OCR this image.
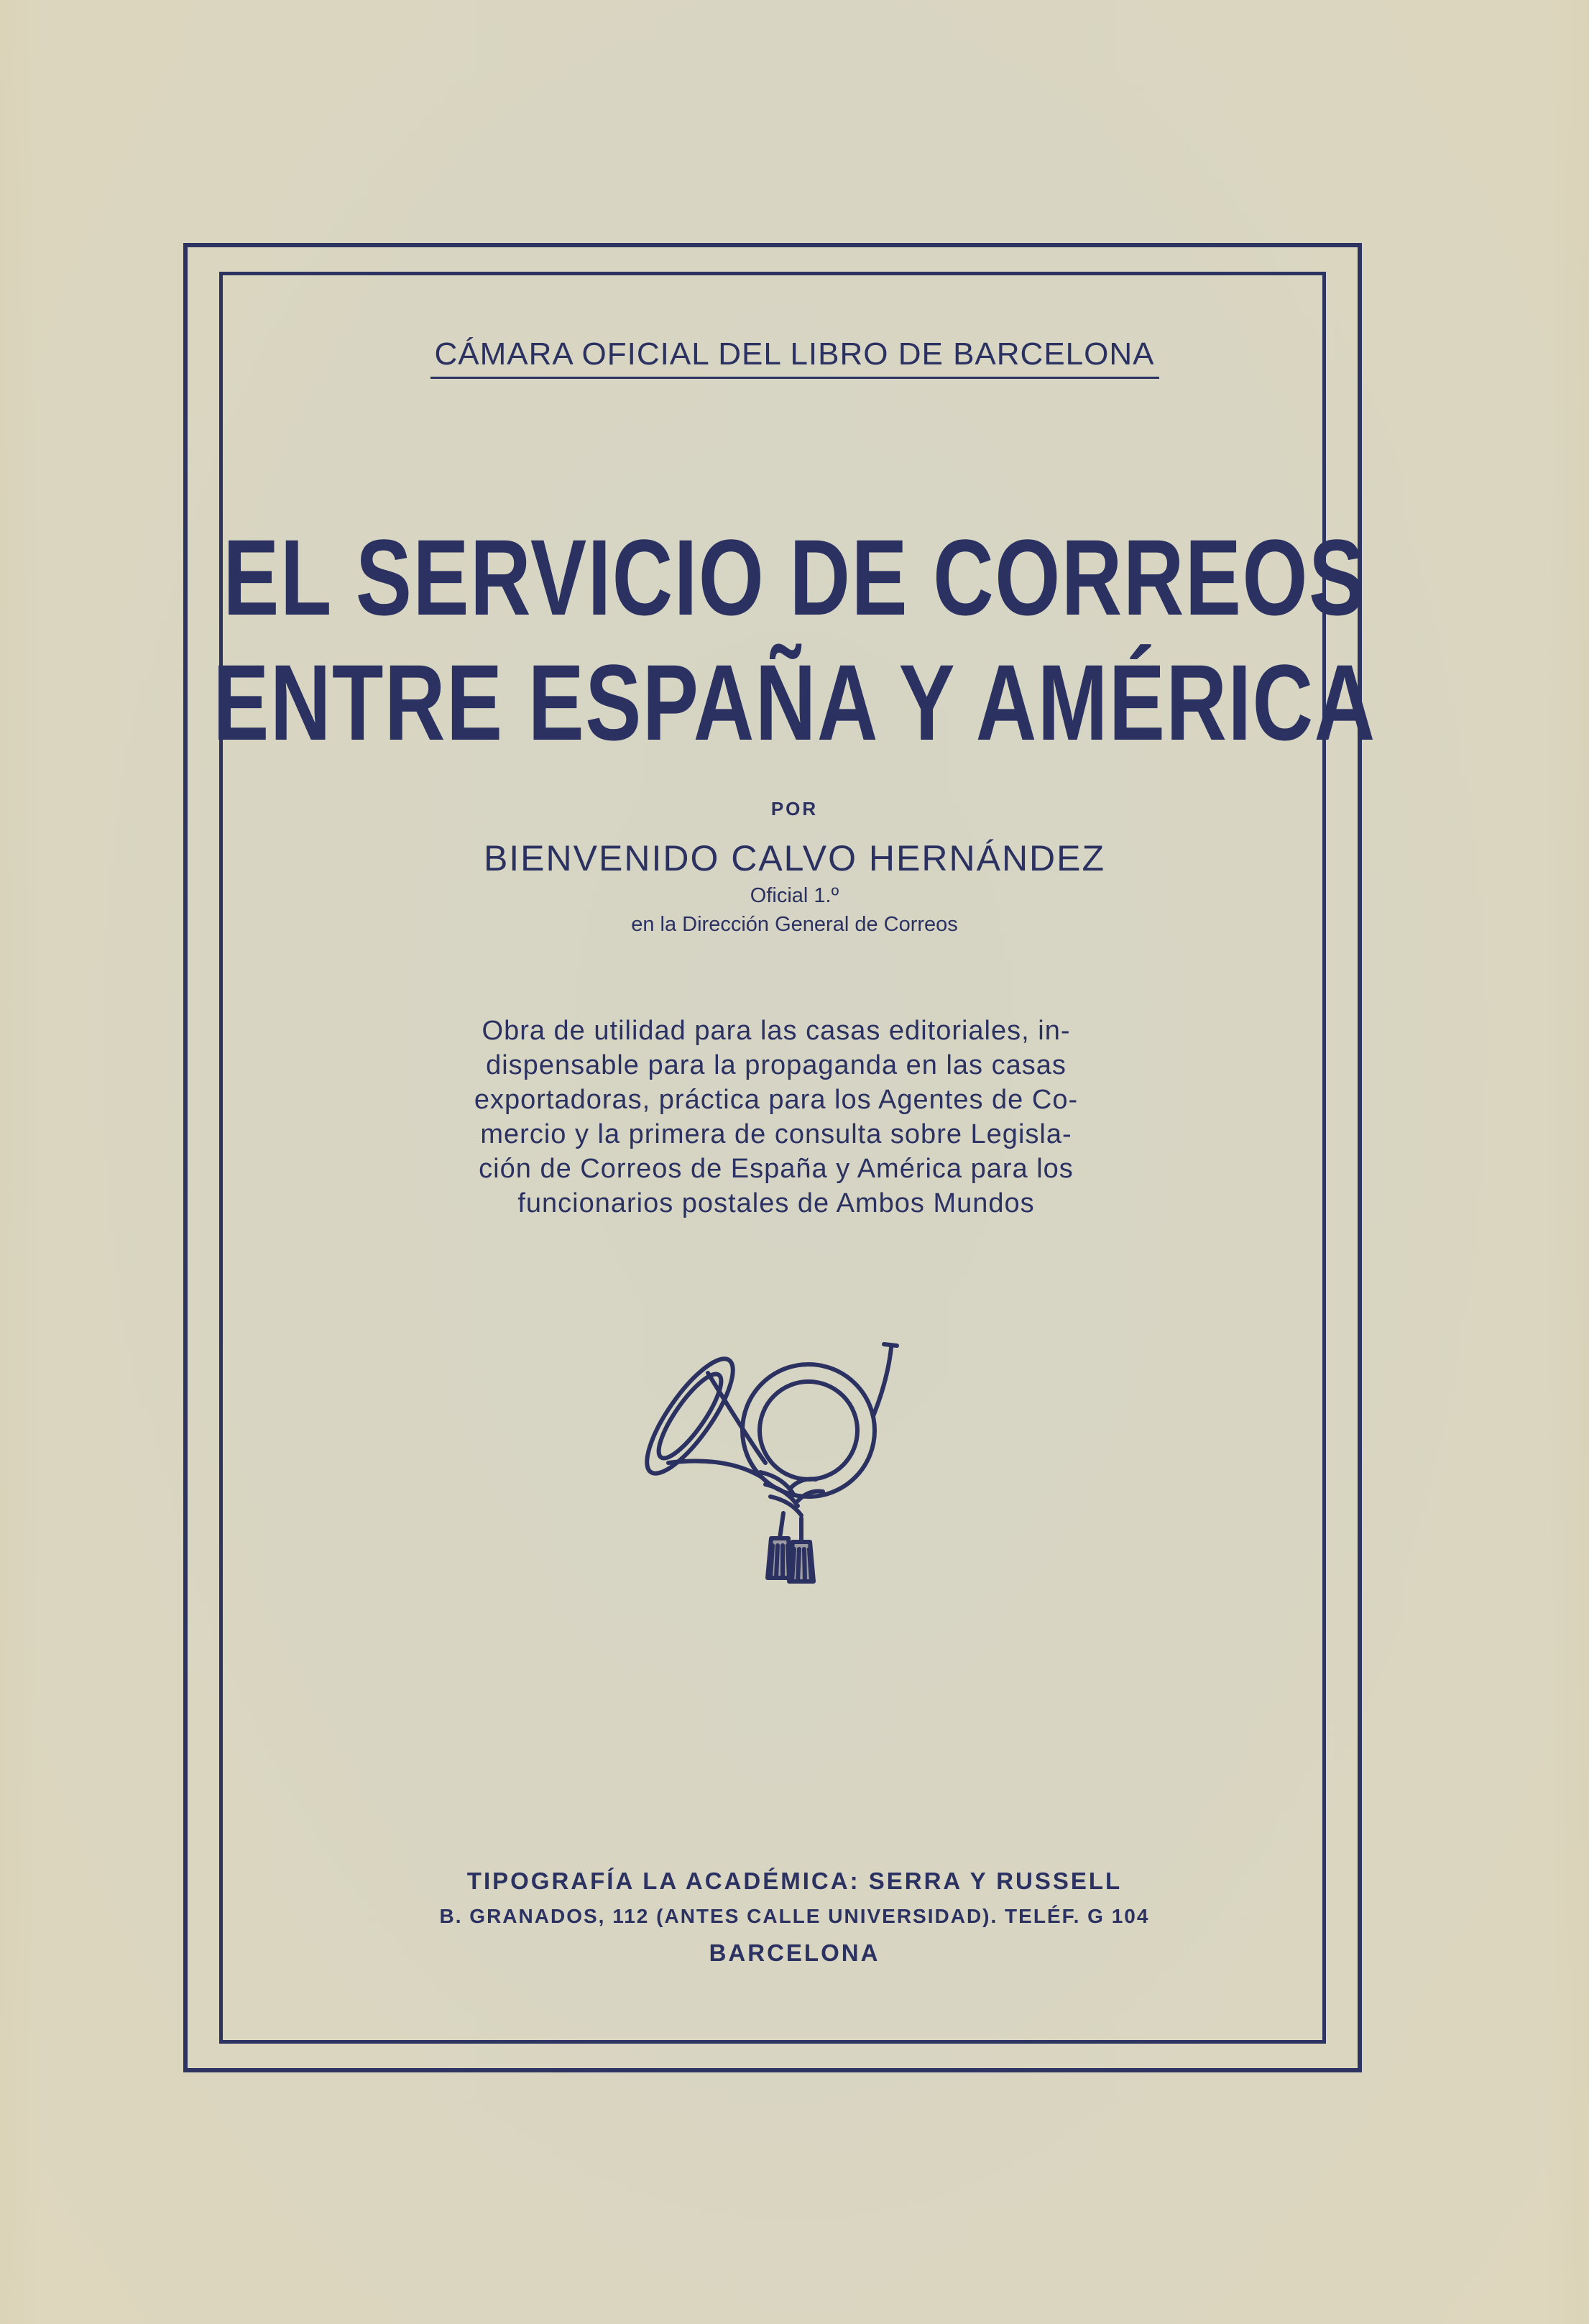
CÁMARA OFICIAL DEL LIBRO DE BARCELONA
EL SERVICIO DE CORREOS
ENTRE ESPAÑA Y AMÉRICA
POR
BIENVENIDO CALVO HERNÁNDEZ
Oficial 1.º
en la Dirección General de Correos
Obra de utilidad para las casas editoriales, in-
dispensable para la propaganda en las casas
exportadoras, práctica para los Agentes de Co-
mercio y la primera de consulta sobre Legisla-
ción de Correos de España y América para los
funcionarios postales de Ambos Mundos
TIPOGRAFÍA LA ACADÉMICA: SERRA Y RUSSELL
B. GRANADOS, 112 (ANTES CALLE UNIVERSIDAD). TELÉF. G 104
BARCELONA
